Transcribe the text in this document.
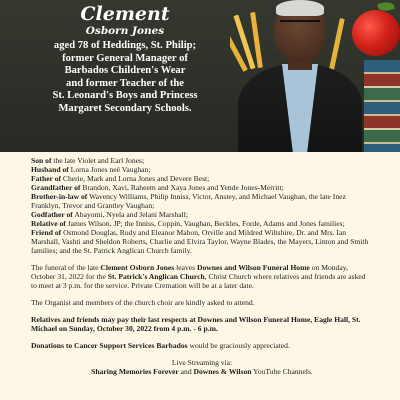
Clement
Osborn Jones
aged 78 of Heddings, St. Philip;
former General Manager of
Barbados Children's Wear
and former Teacher of the
St. Leonard's Boys and Princess
Margaret Secondary Schools.

Son of the late Violet and Earl Jones;

Husband of Lorna Jones neé Vaughan;

Father of Cherie, Mark and Lorna Jones and Devere Best;

Grandfather of Brandon, Xavi, Raheem and Xaya Jones and Yende Jones-Merritt;

Brother-in-law of Wavency Williams, Philip Inniss, Victor, Anstey, and Michael Vaughan, the late Inez Franklyn, Trevor and Grantley Vaughan;

Godfather of Abayomi, Nyela and Jelani Marshall;

Relative of James Wilson, JP; the Inniss, Coppin, Vaughan, Beckles, Forde, Adams and Jones families;

Friend of Osmond Douglas, Rudy and Eleanor Mahon, Orville and Mildred Wiltshire, Dr. and Mrs. Ian Marshall, Vashti and Sheldon Roberts, Charlie and Elvira Taylor, Wayne Blades, the Mayers, Linton and Smith families; and the St. Patrick Anglican Church family.

The funeral of the late Clement Osborn Jones leaves Downes and Wilson Funeral Home on Monday, October 31, 2022 for the St. Patrick's Anglican Church, Christ Church where relatives and friends are asked to meet at 3 p.m. for the service. Private Cremation will be at a later date.

The Organist and members of the church choir are kindly asked to attend.

Relatives and friends may pay their last respects at Downes and Wilson Funeral Home, Eagle Hall, St. Michael on Sunday, October 30, 2022 from 4 p.m. - 6 p.m.

Donations to Cancer Support Services Barbados would be graciously appreciated.

Live Streaming via:

Sharing Memories Forever and Downes & Wilson YouTube Channels.
